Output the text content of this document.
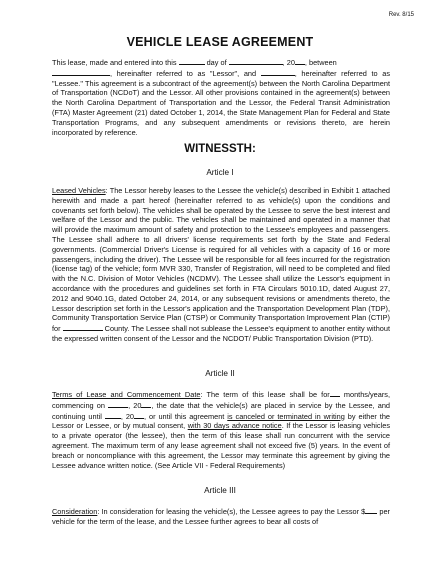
Rev. 8/15
VEHICLE LEASE AGREEMENT

This lease, made and entered into this	day of	, 20 , between
, hereinafter referred to as "Lessor", and	, hereinafter referred to as "Lessee." This agreement is a subcontract of the agreement(s) between the North Carolina Department of Transportation (NCDoT) and the Lessor. All other provisions contained in the agreement(s) between the North Carolina Department of Transportation and the Lessor, the Federal Transit Administration (FTA) Master Agreement (21) dated October 1, 2014, the State Management Plan for Federal and State Transportation Programs, and any subsequent amendments or revisions thereto, are herein incorporated by reference.

WITNESSTH:
Article I

Leased Vehicles: The Lessor hereby leases to the Lessee the vehicle(s) described in Exhibit 1 attached herewith and made a part hereof (hereinafter referred to as vehicle(s) upon the conditions and covenants set forth below). The vehicles shall be operated by the Lessee to serve the best interest and welfare of the Lessor and the public. The vehicles shall be maintained and operated in a manner that will provide the maximum amount of safety and protection to the Lessee's employees and passengers. The Lessee shall adhere to all drivers' license requirements set forth by the State and Federal governments. (Commercial Driver's License is required for all vehicles with a capacity of 16 or more passengers, including the driver). The Lessee will be responsible for all fees incurred for the registration (license tag) of the vehicle; form MVR 330, Transfer of Registration, will need to be completed and filed with the N.C. Division of Motor Vehicles (NCDMV). The Lessee shall utilize the Lessor's equipment in accordance with the procedures and guidelines set forth in FTA Circulars 5010.1D, dated August 27, 2012 and 9040.1G, dated October 24, 2014, or any subsequent revisions or amendments thereto, the Lessor description set forth in the Lessor's application and the Transportation Development Plan (TDP), Community Transportation Service Plan (CTSP) or Community Transportation Improvement Plan (CTIP) for	County. The Lessee shall not sublease the Lessee's equipment to another entity without the expressed written consent of the Lessor and the NCDOT/ Public Transportation Division (PTD).

Article II

Terms of Lease and Commencement Date: The term of this lease shall be for months/years, commencing on	, 20 , the date that the vehicle(s) are placed in service by the Lessee, and continuing until , 20 , or until this agreement is canceled or terminated in writing by either the Lessor or Lessee, or by mutual consent, with 30 days advance notice. If the Lessor is leasing vehicles to a private operator (the lessee), then the term of this lease shall run concurrent with the service agreement. The maximum term of any lease agreement shall not exceed five (5) years. In the event of breach or noncompliance with this agreement, the Lessor may terminate this agreement by giving the Lessee advance written notice. (See Article VII - Federal Requirements)

Article III

Consideration: In consideration for leasing the vehicle(s), the Lessee agrees to pay the Lessor $ per vehicle for the term of the lease, and the Lessee further agrees to bear all costs of
